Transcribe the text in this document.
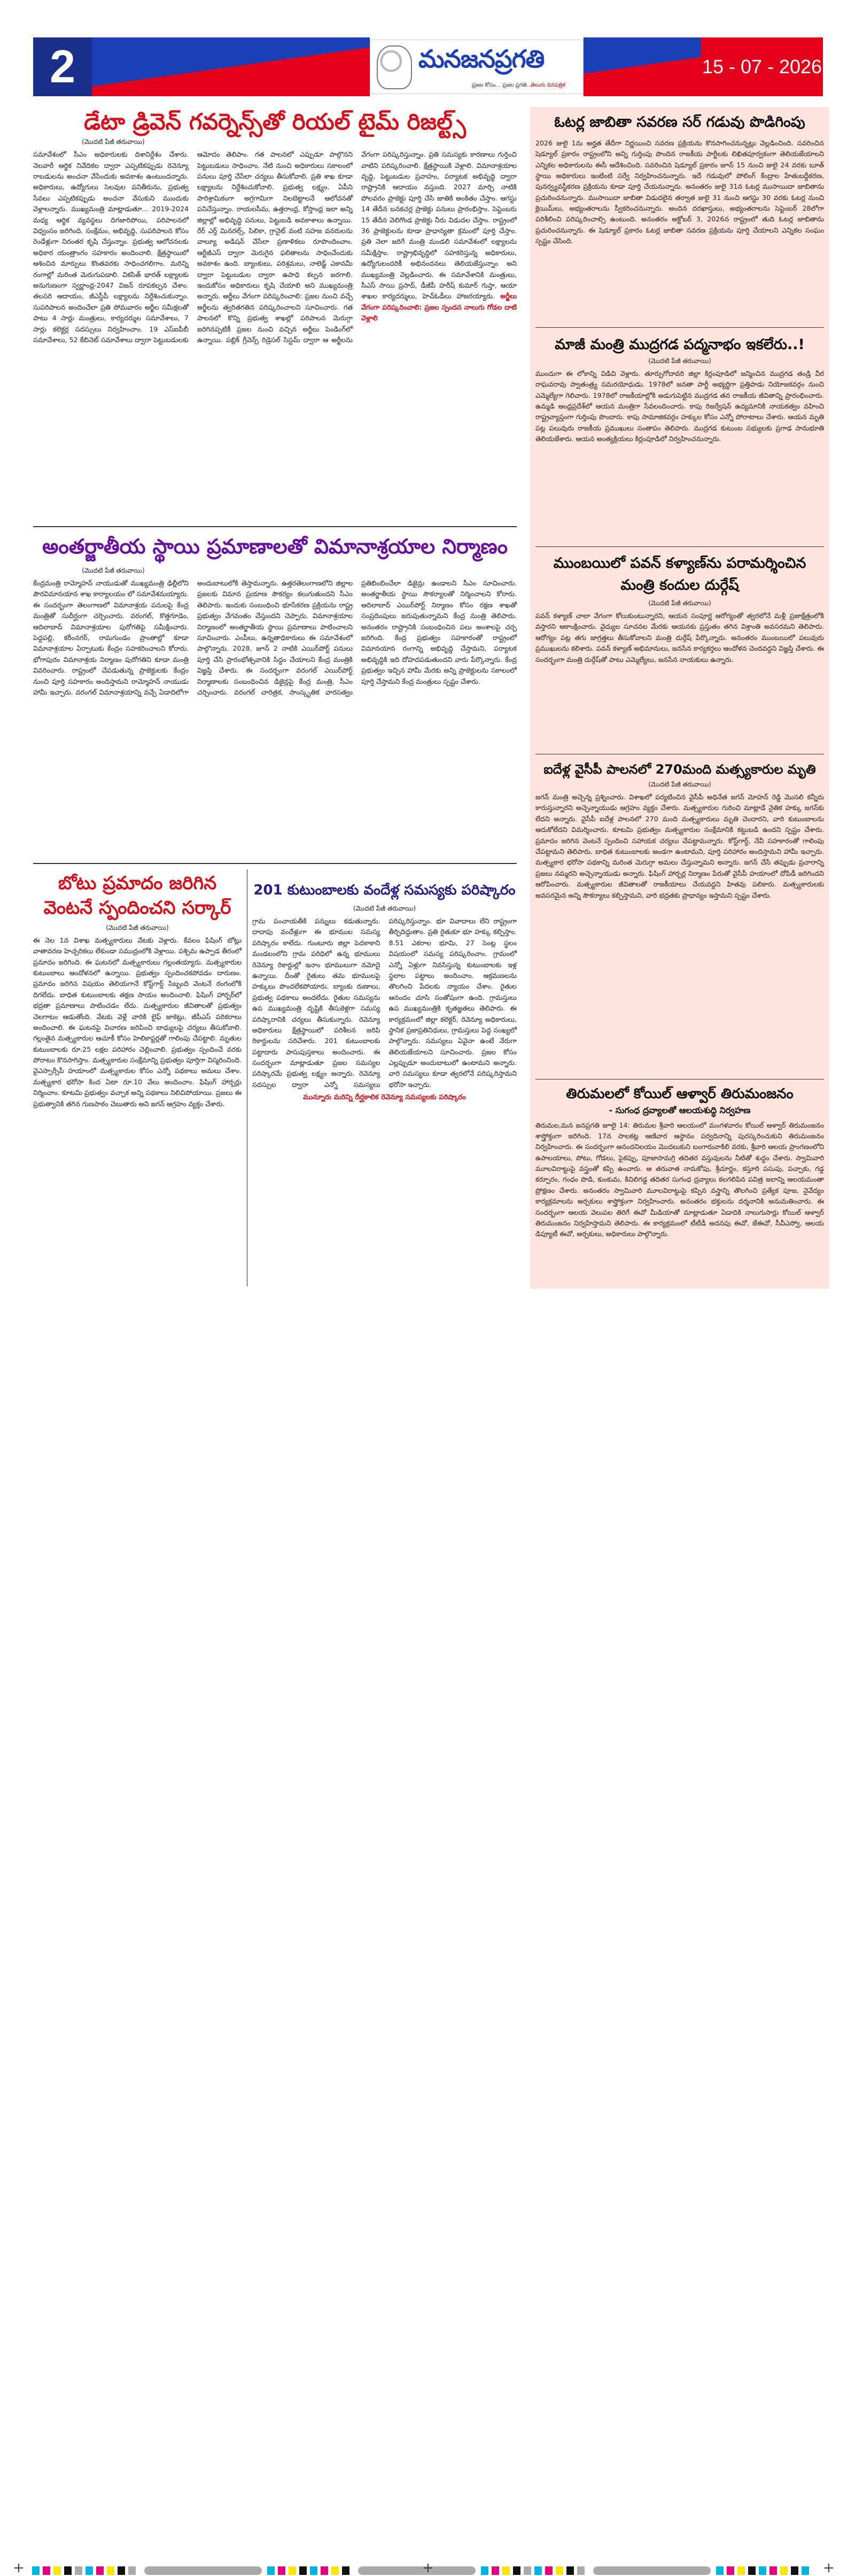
2	మనజనప్రగతి
ప్రజల కోసం... ప్రజల ప్రగతి...
తెలుగు దినపత్రిక
15 - 07 - 2026
డేటా డ్రివెన్ గవర్నెన్స్‌తో రియల్ టైమ్ రిజల్ట్స్
(మొదటి పేజీ తరువాయి)
సమావేశంలో సీఎం అధికారులకు దిశానిర్దేశం చేశారు. నెలవారీ ఆర్థిక నివేదికల ద్వారా ఎప్పటికప్పుడు రెవెన్యూ రాబడులను అంచనా వేసేందుకు అవకాశం ఉంటుందన్నారు. అధికారులు, ఉద్యోగులు సెలవుల పనితీరును, ప్రభుత్వ సేవలు ఎప్పటికప్పుడు అంచనా వేసుకుని ముందుకు వెళ్లాలన్నారు. ముఖ్యమంత్రి మాట్లాడుతూ... 2019-2024 మధ్య ఆర్థిక వ్యవస్థలు దిగజారిపోయి, పరిపాలనలో విధ్వంసం జరిగింది. సంక్షేమం, అభివృద్ధి, సుపరిపాలన కోసం రెండేళ్లుగా నిరంతర కృషి చేస్తున్నాం. ప్రభుత్వ ఆలోచనలకు అధికార యంత్రాంగం సహకారం అందించాలి. క్షేత్రస్థాయిలో ఆశించిన మార్పులు కొంతవరకు సాధించగలిగాం. మరిన్ని రంగాల్లో మరింత మెరుగుపడాలి. వికసిత్ భారత్ లక్ష్యాలకు అనుగుణంగా స్వర్ణాంధ్ర-2047 విజన్ రూపకల్పన చేశాం. తలసరి ఆదాయం, జీఎస్డీపీ లక్ష్యాలను నిర్దేశించుకున్నాం. సుపరిపాలన అందించేలా ప్రతి సోమవారం అర్జీల సమీక్షలతో పాటు 4 సార్లు మంత్రులు, కార్యదర్శుల సమావేశాలు, 7 సార్లు కలెక్టర్ల సదస్సులు నిర్వహించాం. 19 ఎస్ఐపీబీ సమావేశాలు, 52 కేబినెట్ సమావేశాలు ద్వారా పెట్టుబడులకు ఆమోదం తెలిపాం. గత పాలనలో ఎప్పుడూ పాల్గొనని పెట్టుబడులు సాధించాం. నేటి నుంచి అధికారులు సకాలంలో పనులు పూర్తి చేసేలా చర్యలు తీసుకోవాలి. ప్రతి శాఖ కూడా లక్ష్యాలను నిర్దేశించుకోవాలి. ప్రభుత్వ లక్ష్యం. ఏపీని పారిశ్రామికంగా అగ్రగామిగా నిలబెట్టాలనే ఆలోచనతో పనిచేస్తున్నాం. రాయలసీమ, ఉత్తరాంధ్ర, కోస్తాంధ్ర ఇలా అన్ని జిల్లాల్లో అభివృద్ధి పనులు, పెట్టుబడి అవకాశాలు ఉన్నాయి. రేర్ ఎర్త్ మినరల్స్, సిలికా, గ్రానైట్ వంటి సహజ వనరులను వాల్యూ అడిషన్ చేసేలా ప్రణాళికలు రూపొందించాం. ఆర్టీజీఎస్ ద్వారా మెరుగైన ఫలితాలను సాధించేందుకు అవకాశం ఉంది. బ్యాంకులు, పరిశ్రమలు, నాలెడ్జ్ ఎకానమీ ద్వారా పెట్టుబడుల ద్వారా ఉపాధి కల్పన జరగాలి. ఇందుకోసం అధికారులు కృషి చేయాలి అని ముఖ్యమంత్రి అన్నారు. అర్జీలు వేగంగా పరిష్కరించాలి: ప్రజల నుంచి వచ్చే అర్జీలను త్వరితగతిన పరిష్కరించాలని సూచించారు. గత పాలనలో కొన్ని ప్రభుత్వ శాఖల్లో పరిపాలన మెరుగ్గా జరిగినప్పటికీ ప్రజల నుంచి వచ్చిన అర్జీలు పెండింగ్‌లో ఉన్నాయి. పబ్లిక్ గ్రీవెన్స్ రిడ్రెసల్ సిస్టమ్ ద్వారా ఆ అర్జీలను వేగంగా పరిష్కరిస్తున్నాం. ప్రతి సమస్యకు కారణాలు గుర్తించి వాటిని పరిష్కరించాలి. క్షేత్రస్థాయికి వెళ్లాలి. విమానాశ్రయాల వృద్ధి, పెట్టుబడుల ప్రవాహం, పర్యాటక అభివృద్ధి ద్వారా రాష్ట్రానికి ఆదాయం వస్తుంది. 2027 మార్చి నాటికి పోలవరం ప్రాజెక్టు పూర్తి చేసి జాతికి అంకితం చేస్తాం. ఆగస్టు 14 తేదీన బనకచర్ల ప్రాజెక్టు పనులు ప్రారంభిస్తాం. సెప్టెంబరు 15 తేదీన వెలిగొండ ప్రాజెక్టు నీరు విడుదల చేస్తాం. రాష్ట్రంలో 36 ప్రాజెక్టులను కూడా ప్రాధాన్యతా క్రమంలో పూర్తి చేస్తాం. ప్రతి నెలా జరిగే మంత్రి మండలి సమావేశంలో లక్ష్యాలను సమీక్షిస్తాం. రాష్ట్రాభివృద్ధిలో సహకరిస్తున్న అధికారులు, ఉద్యోగులందరికీ అభినందనలు తెలియజేస్తున్నాం అని ముఖ్యమంత్రి వెల్లడించారు. ఈ సమావేశానికి మంత్రులు, సీఎస్ సాయి ప్రసాద్, డీజీపీ హరీష్ కుమార్ గుప్తా, ఆయా శాఖల కార్యదర్శులు, హెచ్ఓడీలు హాజరయ్యారు. అర్జీలు వేగంగా పరిష్కరించాలి: ప్రజల స్పందన నాలుగు గోడల దాటి వెళ్లాలి
అంతర్జాతీయ స్థాయి ప్రమాణాలతో విమానాశ్రయాల నిర్మాణం
(మొదటి పేజీ తరువాయి)
కేంద్రమంత్రి రామ్మోహన్ నాయుడుతో ముఖ్యమంత్రి ఢిల్లీలోని పౌరవిమానయాన శాఖ కార్యాలయం లో సమావేశమయ్యారు. ఈ సందర్భంగా తెలంగాణలో విమానాశ్రయ పనులపై కేంద్ర మంత్రితో సుదీర్ఘంగా చర్చించారు. వరంగల్, కొత్తగూడెం, ఆదిలాబాద్ విమానాశ్రయాల పురోగతిపై సమీక్షించారు. పెద్దపల్లి, కరీంనగర్, రామగుండం ప్రాంతాల్లో కూడా విమానాశ్రయాల ఏర్పాటుకు కేంద్రం సహకరించాలని కోరారు. భోగాపురం విమానాశ్రయ నిర్మాణం పురోగతిని కూడా మంత్రి వివరించారు. రాష్ట్రంలో చేపడుతున్న ప్రాజెక్టులకు కేంద్రం నుంచి పూర్తి సహకారం అందిస్తామని రామ్మోహన్ నాయుడు హామీ ఇచ్చారు. వరంగల్ విమానాశ్రయాన్ని వచ్చే ఏడాదిలోగా అందుబాటులోకి తెస్తామన్నారు. ఉత్తరతెలంగాణలోని జిల్లాల ప్రజలకు విమాన ప్రయాణ సౌకర్యం కలుగుతుందని సీఎం తెలిపారు. ఇందుకు సంబంధించి భూసేకరణ ప్రక్రియను రాష్ట్ర ప్రభుత్వం వేగవంతం చేస్తుందని చెప్పారు. విమానాశ్రయాల నిర్మాణంలో అంతర్జాతీయ స్థాయి ప్రమాణాలు పాటించాలని సూచించారు. ఎంపీలు, ఉన్నతాధికారులు ఈ సమావేశంలో పాల్గొన్నారు. 2028, జూన్ 2 నాటికి ఎయిర్‌పోర్ట్ పనులు పూర్తి చేసి ప్రారంభోత్సవానికి సిద్ధం చేయాలని కేంద్ర మంత్రికి విజ్ఞప్తి చేశారు. ఈ సందర్భంగా వరంగల్ ఎయిర్‌పోర్ట్ నిర్మాణాలకు సంబంధించిన డిజైన్లపై కేంద్ర మంత్రి, సీఎం చర్చించారు. వరంగల్ చారిత్రక, సాంస్కృతిక వారసత్వం ప్రతిబింబించేలా డిజైన్లు ఉండాలని సీఎం సూచించారు. అంతర్జాతీయ స్థాయి సౌకర్యాలతో నిర్మించాలని కోరారు. ఆదిలాబాద్ ఎయిర్‌పోర్ట్ నిర్మాణం కోసం రక్షణ శాఖతో సంప్రదింపులు జరుపుతున్నామని కేంద్ర మంత్రి తెలిపారు. అనంతరం రాష్ట్రానికి సంబంధించిన పలు అంశాలపై చర్చ జరిగింది. కేంద్ర ప్రభుత్వం సహకారంతో రాష్ట్రంలో విమానయాన రంగాన్ని అభివృద్ధి చేస్తామని, పర్యాటక అభివృద్ధికి ఇది దోహదపడుతుందని వారు పేర్కొన్నారు. కేంద్ర ప్రభుత్వం ఇచ్చిన హామీ మేరకు అన్ని ప్రాజెక్టులను సకాలంలో పూర్తి చేస్తామని కేంద్ర మంత్రులు స్పష్టం చేశారు.
బోటు ప్రమాదం జరిగిన వెంటనే స్పందించని సర్కార్
(మొదటి పేజీ తరువాయి)
ఈ నెల 1న విశాఖ మత్స్యకారులు వేటకు వెళ్లారు. కేవలం ఫిషింగ్ బోట్లు వాతావరణ హెచ్చరికలు లేకుండా సముద్రంలోకి వెళ్లాయి. పశ్చిమ ఉప్పాడ తీరంలో ప్రమాదం జరిగింది. ఈ ఘటనలో మత్స్యకారులు గల్లంతయ్యారు. మత్స్యకారుల కుటుంబాలు ఆందోళనలో ఉన్నాయి. ప్రభుత్వం స్పందించకపోవడం దారుణం. ప్రమాదం జరిగిన విషయం తెలియగానే కోస్ట్‌గార్డ్ సిబ్బంది వెంటనే రంగంలోకి దిగలేదు. బాధిత కుటుంబాలకు తక్షణ సాయం అందించాలి. ఫిషింగ్ హార్బర్‌లో భద్రతా ప్రమాణాలు పాటించడం లేదు. మత్స్యకారుల జీవితాలతో ప్రభుత్వం చెలగాటం ఆడుతోంది. వేటకు వెళ్లే వారికి లైఫ్ జాకెట్లు, జీపీఎస్ పరికరాలు అందించాలి. ఈ ఘటనపై విచారణ జరిపించి బాధ్యులపై చర్యలు తీసుకోవాలి. గల్లంతైన మత్స్యకారుల ఆచూకీ కోసం హెలికాప్టర్లతో గాలింపు చేపట్టాలి. మృతుల కుటుంబాలకు రూ.25 లక్షల పరిహారం చెల్లించాలి. ప్రభుత్వం స్పందించే వరకు పోరాటం కొనసాగిస్తాం. మత్స్యకారుల సంక్షేమాన్ని ప్రభుత్వం పూర్తిగా విస్మరించింది. వైఎస్సార్సీపీ హయాంలో మత్స్యకారుల కోసం ఎన్నో పథకాలు అమలు చేశాం. మత్స్యకార భరోసా కింద ఏటా రూ.10 వేలు అందించాం. ఫిషింగ్ హార్బర్లు నిర్మించాం. కూటమి ప్రభుత్వం వచ్చాక అన్ని పథకాలు నిలిచిపోయాయి. ప్రజలు ఈ ప్రభుత్వానికి తగిన గుణపాఠం చెబుతారు అని జగన్ ఆగ్రహం వ్యక్తం చేశారు.
201 కుటుంబాలకు వందేళ్ల సమస్యకు పరిష్కారం
(మొదటి పేజీ తరువాయి)
గ్రామ పంచాయతీకి పన్నులు కడుతున్నారు. దాదాపు వందేళ్లుగా ఈ భూముల సమస్య పరిష్కారం కాలేదు. గుంటూరు జిల్లా పెదకాకాని మండలంలోని గ్రామ పరిధిలో ఉన్న భూములు రెవెన్యూ రికార్డుల్లో ఇనాం భూములుగా నమోదై ఉన్నాయి. దీంతో రైతులు తమ భూములపై హక్కులు పొందలేకపోయారు. బ్యాంకు రుణాలు, ప్రభుత్వ పథకాలు అందలేదు. రైతుల సమస్యను ఉప ముఖ్యమంత్రి దృష్టికి తీసుకెళ్లగా సమస్య పరిష్కారానికి చర్యలు తీసుకున్నారు. రెవెన్యూ అధికారులు క్షేత్రస్థాయిలో పరిశీలన జరిపి రికార్డులను సరిచేశారు. 201 కుటుంబాలకు పట్టాదారు పాసుపుస్తకాలు అందించారు. ఈ సందర్భంగా మాట్లాడుతూ ప్రజల సమస్యల పరిష్కారమే ప్రభుత్వ లక్ష్యం అన్నారు. రెవెన్యూ సదస్సుల ద్వారా ఎన్నో సమస్యలు పరిష్కరిస్తున్నాం. భూ వివాదాలు లేని రాష్ట్రంగా తీర్చిదిద్దుతాం. ప్రతి రైతుకూ భూ హక్కు కల్పిస్తాం. 8.51 ఎకరాల భూమి, 27 సెంట్ల స్థలం విషయంలో సమస్య పరిష్కరించాం. గ్రామంలో ఎన్నో ఏళ్లుగా నివసిస్తున్న కుటుంబాలకు ఇళ్ల స్థలాల పట్టాలు అందించాం. ఆక్రమణలను తొలగించి పేదలకు న్యాయం చేశాం. రైతుల ఆనందం చూసి సంతోషంగా ఉంది. గ్రామస్తులు ఉప ముఖ్యమంత్రికి కృతజ్ఞతలు తెలిపారు. ఈ కార్యక్రమంలో జిల్లా కలెక్టర్, రెవెన్యూ అధికారులు, స్థానిక ప్రజాప్రతినిధులు, గ్రామస్తులు పెద్ద సంఖ్యలో పాల్గొన్నారు. సమస్యలు ఏవైనా ఉంటే నేరుగా తెలియజేయాలని సూచించారు. ప్రజల కోసం ఎల్లప్పుడూ అందుబాటులో ఉంటామని అన్నారు. వారి సమస్యలు కూడా త్వరలోనే పరిష్కరిస్తామని భరోసా ఇచ్చారు.
మున్నూరు మరిన్ని దీర్ఘకాలిక రెవెన్యూ సమస్యలకు పరిష్కారం
ఓటర్ల జాబితా సవరణ సర్ గడువు పొడిగింపు
2026 జులై 1ను అర్హత తేదీగా నిర్ణయించి సవరణ ప్రక్రియను కొనసాగించనున్నట్లు వెల్లడించింది. సవరించిన షెడ్యూల్ ప్రకారం రాష్ట్రంలోని అన్ని గుర్తింపు పొందిన రాజకీయ పార్టీలకు లిఖితపూర్వకంగా తెలియజేయాలని ఎన్నికల అధికారులను ఈసీ ఆదేశించింది. సవరించిన షెడ్యూల్ ప్రకారం జూన్ 15 నుంచి జులై 24 వరకు బూత్ స్థాయి అధికారులు ఇంటింటి సర్వే నిర్వహించనున్నారు. ఇదే గడువులో పోలింగ్ కేంద్రాల హేతుబద్ధీకరణ, పునర్వ్యవస్థీకరణ ప్రక్రియను కూడా పూర్తి చేయనున్నారు. అనంతరం జులై 31న ఓటర్ల ముసాయిదా జాబితాను ప్రచురించనున్నారు. ముసాయిదా జాబితా విడుదలైన తర్వాత జులై 31 నుంచి ఆగస్టు 30 వరకు ఓటర్ల నుంచి క్లెయిమ్‌లు, అభ్యంతరాలను స్వీకరించనున్నారు. అందిన దరఖాస్తులు, అభ్యంతరాలను సెప్టెంబర్ 28లోగా పరిశీలించి పరిష్కరించాల్సి ఉంటుంది. అనంతరం అక్టోబర్ 3, 2026న రాష్ట్రంలో తుది ఓటర్ల జాబితాను ప్రచురించనున్నారు. ఈ షెడ్యూల్ ప్రకారం ఓటర్ల జాబితా సవరణ ప్రక్రియను పూర్తి చేయాలని ఎన్నికల సంఘం స్పష్టం చేసింది.
మాజీ మంత్రి ముద్రగడ పద్మనాభం ఇకలేరు..!
(మొదటి పేజీ తరువాయి)
ముందుగా ఈ లోకాన్ని విడిచి వెళ్లారు. తూర్పుగోదావరి జిల్లా కిర్లంపూడిలో జన్మించిన ముద్రగడ తండ్రి వీర రాఘవరావు స్వాతంత్ర్య సమరయోధుడు. 1978లో జనతా పార్టీ అభ్యర్థిగా ప్రత్తిపాడు నియోజకవర్గం నుంచి ఎమ్మెల్యేగా గెలిచారు. 1978లో రాజకీయాల్లోకి అడుగుపెట్టిన ముద్రగడ తన రాజకీయ జీవితాన్ని ప్రారంభించారు. ఉమ్మడి ఆంధ్రప్రదేశ్‌లో ఆయన మంత్రిగా సేవలందించారు. కాపు రిజర్వేషన్ ఉద్యమానికి నాయకత్వం వహించి రాష్ట్రవ్యాప్తంగా గుర్తింపు పొందారు. కాపు సామాజికవర్గం హక్కుల కోసం ఎన్నో పోరాటాలు చేశారు. ఆయన మృతి పట్ల పలువురు రాజకీయ ప్రముఖులు సంతాపం తెలిపారు. ముద్రగడ కుటుంబ సభ్యులకు ప్రగాఢ సానుభూతి తెలియజేశారు. ఆయన అంత్యక్రియలు కిర్లంపూడిలో నిర్వహించనున్నారు.
ముంబయిలో పవన్ కళ్యాణ్‌ను పరామర్శించిన మంత్రి కందుల దుర్గేష్
(మొదటి పేజీ తరువాయి)
పవన్ కళ్యాణ్ చాలా వేగంగా కోలుకుంటున్నారని, ఆయన సంపూర్ణ ఆరోగ్యంతో త్వరలోనే మళ్లీ ప్రజాక్షేత్రంలోకి వస్తారని ఆకాంక్షించారు. వైద్యుల సూచనల మేరకు ఆయనకు ప్రస్తుతం తగిన విశ్రాంతి అవసరమని తెలిపారు. ఆరోగ్యం పట్ల తగు జాగ్రత్తలు తీసుకోవాలని మంత్రి దుర్గేష్ పేర్కొన్నారు. అనంతరం ముంబయిలో పలువురు ప్రముఖులను కలిశారు. పవన్ కళ్యాణ్ అభిమానులు, జనసేన కార్యకర్తలు ఆందోళన చెందవద్దని విజ్ఞప్తి చేశారు. ఈ సందర్భంగా మంత్రి దుర్గేష్‌తో పాటు ఎమ్మెల్యేలు, జనసేన నాయకులు ఉన్నారు.
ఐదేళ్ల వైసీపీ పాలనలో 270మంది మత్స్యకారుల మృతి
(మొదటి పేజీ తరువాయి)
జగన్ మంత్రి అచ్చెన్న ప్రశ్నించారు. విశాఖలో పర్యటించిన వైసీపీ అధినేత జగన్ మోహన్ రెడ్డి మొసలి కన్నీరు కారుస్తున్నారని అచ్చెన్నాయుడు ఆగ్రహం వ్యక్తం చేశారు. మత్స్యకారుల గురించి మాట్లాడే నైతిక హక్కు జగన్‌కు లేదని అన్నారు. వైసీపీ ఐదేళ్ల పాలనలో 270 మంది మత్స్యకారులు మృతి చెందారని, వారి కుటుంబాలను ఆదుకోలేదని విమర్శించారు. కూటమి ప్రభుత్వం మత్స్యకారుల సంక్షేమానికి కట్టుబడి ఉందని స్పష్టం చేశారు. ప్రమాదం జరిగిన వెంటనే స్పందించి సహాయక చర్యలు చేపట్టామన్నారు. కోస్ట్‌గార్డ్, నేవీ సహకారంతో గాలింపు చేపట్టామని తెలిపారు. బాధిత కుటుంబాలకు అండగా ఉంటామని, పూర్తి పరిహారం అందిస్తామని హామీ ఇచ్చారు. మత్స్యకార భరోసా పథకాన్ని మరింత మెరుగ్గా అమలు చేస్తున్నామని అన్నారు. జగన్ చేసే తప్పుడు ప్రచారాన్ని ప్రజలు నమ్మరని అచ్చెన్నాయుడు అన్నారు. ఫిషింగ్ హార్బర్ల నిర్మాణం పేరుతో వైసీపీ హయాంలో దోపిడీ జరిగిందని ఆరోపించారు. మత్స్యకారుల జీవితాలతో రాజకీయాలు చేయవద్దని హితవు పలికారు. మత్స్యకారులకు అవసరమైన అన్ని సౌకర్యాలు కల్పిస్తామని, వారి భద్రతకు ప్రాధాన్యం ఇస్తామని స్పష్టం చేశారు.
తిరుమలలో కోయిల్ ఆళ్వార్ తిరుమంజనం
- సుగంధ ద్రవ్యాలతో ఆలయశుద్ధి నిర్వహణ
తిరుమల,మన జనప్రగతి జూలై 14: తిరుమల శ్రీవారి ఆలయంలో మంగళవారం కోయిల్ ఆళ్వార్ తిరుమంజనం శాస్త్రోక్తంగా జరిగింది. 17న సాలకట్ల ఆణివార ఆస్థానం పర్వదినాన్ని పురస్కరించుకుని తిరుమంజనం నిర్వహించారు. ఈ సందర్భంగా ఆనందనిలయం మొదలుకుని బంగారువాకిలి వరకు, శ్రీవారి ఆలయ ప్రాంగణంలోని ఉపాలయాలు, పోటు, గోడలు, పైకప్పు, పూజాసామగ్రి తదితర వస్తువులను నీటితో శుద్ధం చేశారు. స్వామివారి మూలవిరాట్టుపై వస్త్రంతో కప్పి ఉంచారు. ఆ తరువాత నామకోపు, శ్రీచూర్ణం, కస్తూరి పసుపు, పచ్చాకు, గడ్డ కర్పూరం, గంధం పొడి, కుంకుమ, కిచిలిగడ్డ తదితర సుగంధ ద్రవ్యాలు కలగలిపిన పవిత్ర జలాన్ని ఆలయమంతా ప్రోక్షణం చేశారు. అనంతరం స్వామివారి మూలవిరాట్టుపై కప్పిన వస్త్రాన్ని తొలగించి ప్రత్యేక పూజ, నైవేద్యం కార్యక్రమాలను అర్చకులు శాస్త్రోక్తంగా నిర్వహించారు. అనంతరం భక్తులను దర్శనానికి అనుమతించారు. ఈ సందర్భంగా ఆలయ వెలుపల తిరిగే ఈవో మీడియాతో మాట్లాడుతూ ఏడాదికి నాలుగుసార్లు కోయిల్ ఆళ్వార్ తిరుమంజనం నిర్వహిస్తామని తెలిపారు. ఈ కార్యక్రమంలో టీటీడీ అదనపు ఈవో, జేఈవో, సీవీఎస్వో, ఆలయ డిప్యూటీ ఈవో, అర్చకులు, అధికారులు పాల్గొన్నారు.
+	+	+
